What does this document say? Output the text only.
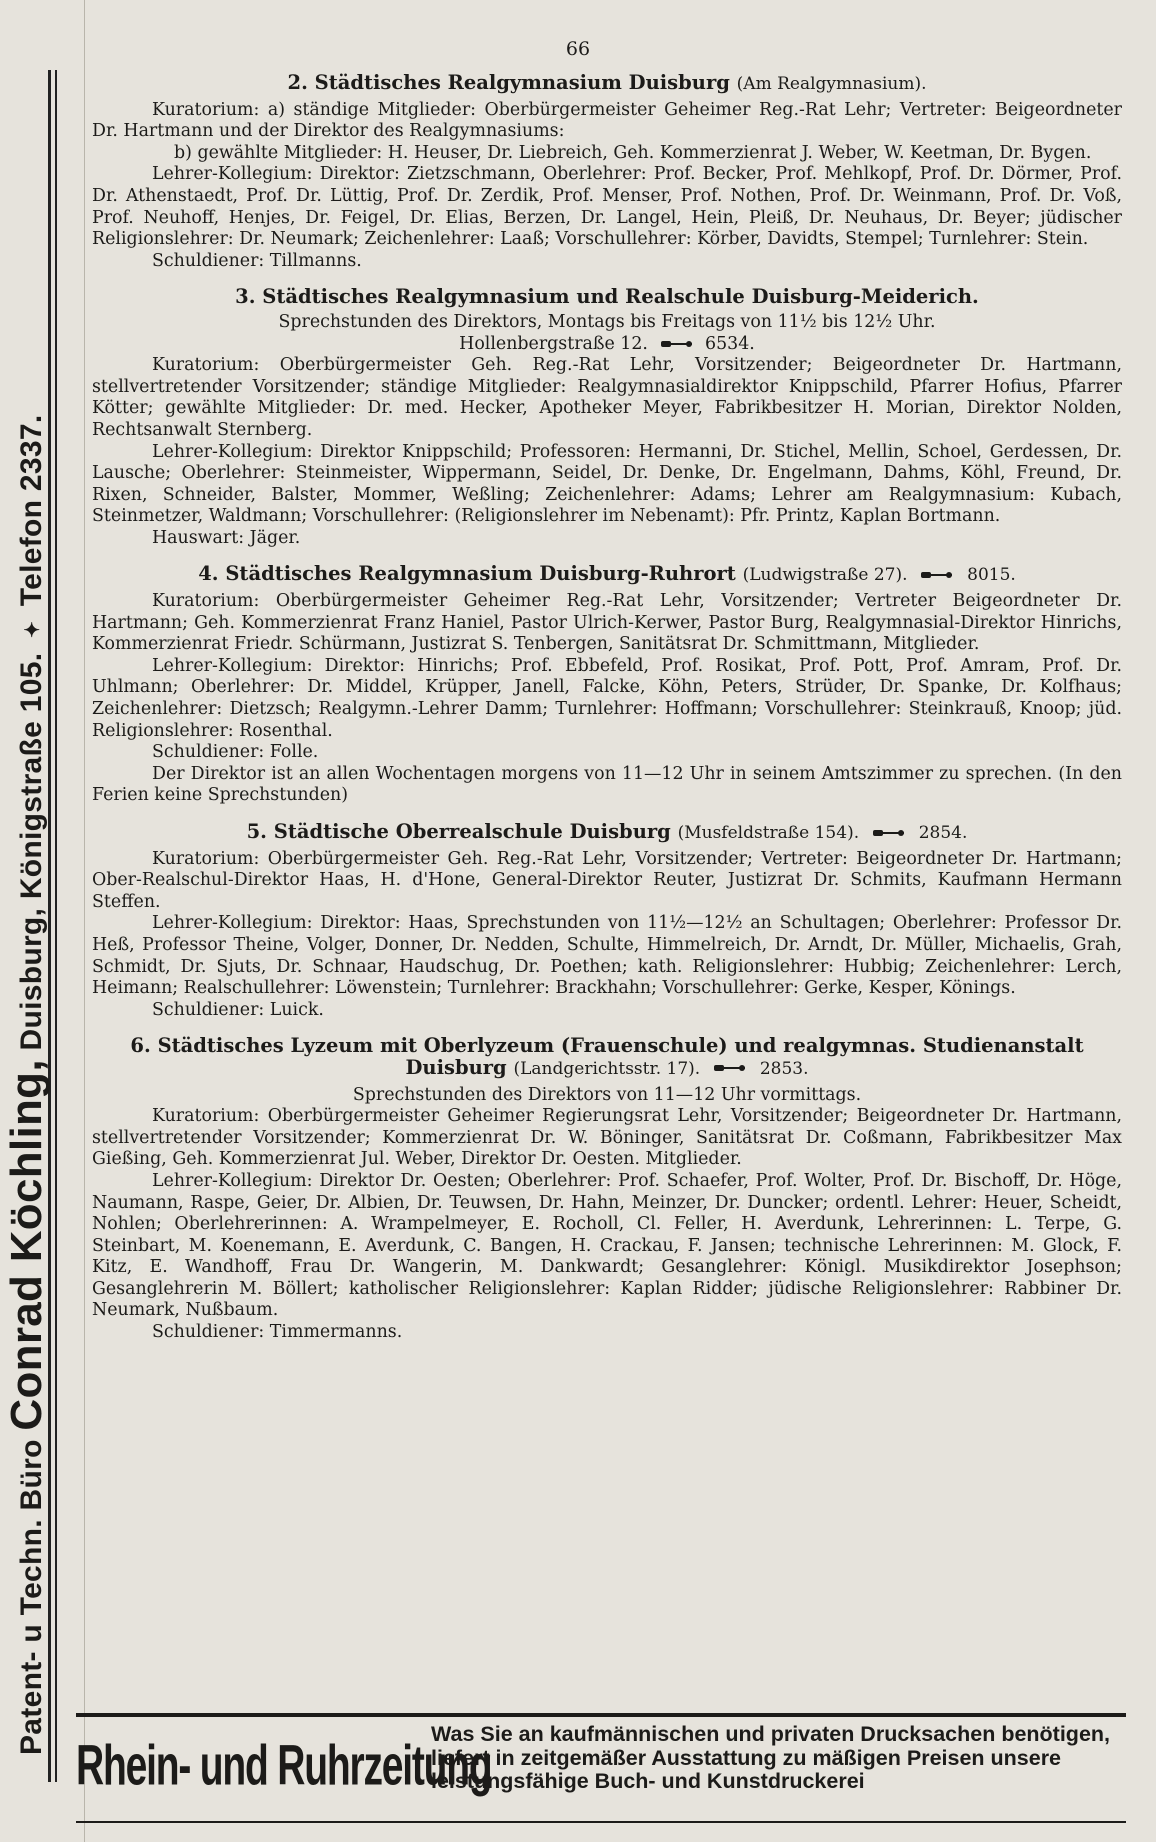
Patent- u Techn. Büro Conrad Köchling, Duisburg, Königstraße 105. ✦ Telefon 2337.
66
2. Städtisches Realgymnasium Duisburg (Am Realgymnasium).

Kuratorium: a) ständige Mitglieder: Oberbürgermeister Geheimer Reg.-Rat Lehr; Vertreter: Beigeordneter Dr. Hartmann und der Direktor des Realgymnasiums:

b) gewählte Mitglieder: H. Heuser, Dr. Liebreich, Geh. Kommerzienrat J. Weber, W. Keetman, Dr. Bygen.

Lehrer-Kollegium: Direktor: Zietzschmann, Oberlehrer: Prof. Becker, Prof. Mehlkopf, Prof. Dr. Dörmer, Prof. Dr. Athenstaedt, Prof. Dr. Lüttig, Prof. Dr. Zerdik, Prof. Menser, Prof. Nothen, Prof. Dr. Weinmann, Prof. Dr. Voß, Prof. Neuhoff, Henjes, Dr. Feigel, Dr. Elias, Berzen, Dr. Langel, Hein, Pleiß, Dr. Neuhaus, Dr. Beyer; jüdischer Religionslehrer: Dr. Neumark; Zeichenlehrer: Laaß; Vorschullehrer: Körber, Davidts, Stempel; Turnlehrer: Stein.

Schuldiener: Tillmanns.

3. Städtisches Realgymnasium und Realschule Duisburg-Meiderich.
Sprechstunden des Direktors, Montags bis Freitags von 11½ bis 12½ Uhr.
Hollenbergstraße 12.	6534.

Kuratorium: Oberbürgermeister Geh. Reg.-Rat Lehr, Vorsitzender; Beigeordneter Dr. Hartmann, stellvertretender Vorsitzender; ständige Mitglieder: Realgymnasialdirektor Knippschild, Pfarrer Hofius, Pfarrer Kötter; gewählte Mitglieder: Dr. med. Hecker, Apotheker Meyer, Fabrikbesitzer H. Morian, Direktor Nolden, Rechtsanwalt Sternberg.

Lehrer-Kollegium: Direktor Knippschild; Professoren: Hermanni, Dr. Stichel, Mellin, Schoel, Gerdessen, Dr. Lausche; Oberlehrer: Steinmeister, Wippermann, Seidel, Dr. Denke, Dr. Engelmann, Dahms, Köhl, Freund, Dr. Rixen, Schneider, Balster, Mommer, Weßling; Zeichenlehrer: Adams; Lehrer am Realgymnasium: Kubach, Steinmetzer, Waldmann; Vorschullehrer: (Religionslehrer im Nebenamt): Pfr. Printz, Kaplan Bortmann.

Hauswart: Jäger.

4. Städtisches Realgymnasium Duisburg-Ruhrort (Ludwigstraße 27).	8015.

Kuratorium: Oberbürgermeister Geheimer Reg.-Rat Lehr, Vorsitzender; Vertreter Beigeordneter Dr. Hartmann; Geh. Kommerzienrat Franz Haniel, Pastor Ulrich-Kerwer, Pastor Burg, Realgymnasial-Direktor Hinrichs, Kommerzienrat Friedr. Schürmann, Justizrat S. Tenbergen, Sanitätsrat Dr. Schmittmann, Mitglieder.

Lehrer-Kollegium: Direktor: Hinrichs; Prof. Ebbefeld, Prof. Rosikat, Prof. Pott, Prof. Amram, Prof. Dr. Uhlmann; Oberlehrer: Dr. Middel, Krüpper, Janell, Falcke, Köhn, Peters, Strüder, Dr. Spanke, Dr. Kolfhaus; Zeichenlehrer: Dietzsch; Realgymn.-Lehrer Damm; Turnlehrer: Hoffmann; Vorschullehrer: Steinkrauß, Knoop; jüd. Religionslehrer: Rosenthal.

Schuldiener: Folle.

Der Direktor ist an allen Wochentagen morgens von 11—12 Uhr in seinem Amtszimmer zu sprechen. (In den Ferien keine Sprechstunden)

5. Städtische Oberrealschule Duisburg (Musfeldstraße 154).	2854.

Kuratorium: Oberbürgermeister Geh. Reg.-Rat Lehr, Vorsitzender; Vertreter: Beigeordneter Dr. Hartmann; Ober-Realschul-Direktor Haas, H. d'Hone, General-Direktor Reuter, Justizrat Dr. Schmits, Kaufmann Hermann Steffen.

Lehrer-Kollegium: Direktor: Haas, Sprechstunden von 11½—12½ an Schultagen; Oberlehrer: Professor Dr. Heß, Professor Theine, Volger, Donner, Dr. Nedden, Schulte, Himmelreich, Dr. Arndt, Dr. Müller, Michaelis, Grah, Schmidt, Dr. Sjuts, Dr. Schnaar, Haudschug, Dr. Poethen; kath. Religionslehrer: Hubbig; Zeichenlehrer: Lerch, Heimann; Realschullehrer: Löwenstein; Turnlehrer: Brackhahn; Vorschullehrer: Gerke, Kesper, Könings.

Schuldiener: Luick.

6. Städtisches Lyzeum mit Oberlyzeum (Frauenschule) und realgymnas. Studienanstalt Duisburg (Landgerichtsstr. 17).	2853.
Sprechstunden des Direktors von 11—12 Uhr vormittags.

Kuratorium: Oberbürgermeister Geheimer Regierungsrat Lehr, Vorsitzender; Beigeordneter Dr. Hartmann, stellvertretender Vorsitzender; Kommerzienrat Dr. W. Böninger, Sanitätsrat Dr. Coßmann, Fabrikbesitzer Max Gießing, Geh. Kommerzienrat Jul. Weber, Direktor Dr. Oesten. Mitglieder.

Lehrer-Kollegium: Direktor Dr. Oesten; Oberlehrer: Prof. Schaefer, Prof. Wolter, Prof. Dr. Bischoff, Dr. Höge, Naumann, Raspe, Geier, Dr. Albien, Dr. Teuwsen, Dr. Hahn, Meinzer, Dr. Duncker; ordentl. Lehrer: Heuer, Scheidt, Nohlen; Oberlehrerinnen: A. Wrampelmeyer, E. Rocholl, Cl. Feller, H. Averdunk, Lehrerinnen: L. Terpe, G. Steinbart, M. Koenemann, E. Averdunk, C. Bangen, H. Crackau, F. Jansen; technische Lehrerinnen: M. Glock, F. Kitz, E. Wandhoff, Frau Dr. Wangerin, M. Dankwardt; Gesanglehrer: Königl. Musikdirektor Josephson; Gesanglehrerin M. Böllert; katholischer Religionslehrer: Kaplan Ridder; jüdische Religionslehrer: Rabbiner Dr. Neumark, Nußbaum.

Schuldiener: Timmermanns.

Rhein- und Ruhrzeitung
Was Sie an kaufmännischen und privaten Drucksachen benötigen, liefert in zeitgemäßer Ausstattung zu mäßigen Preisen unsere leistungsfähige Buch- und Kunstdruckerei
